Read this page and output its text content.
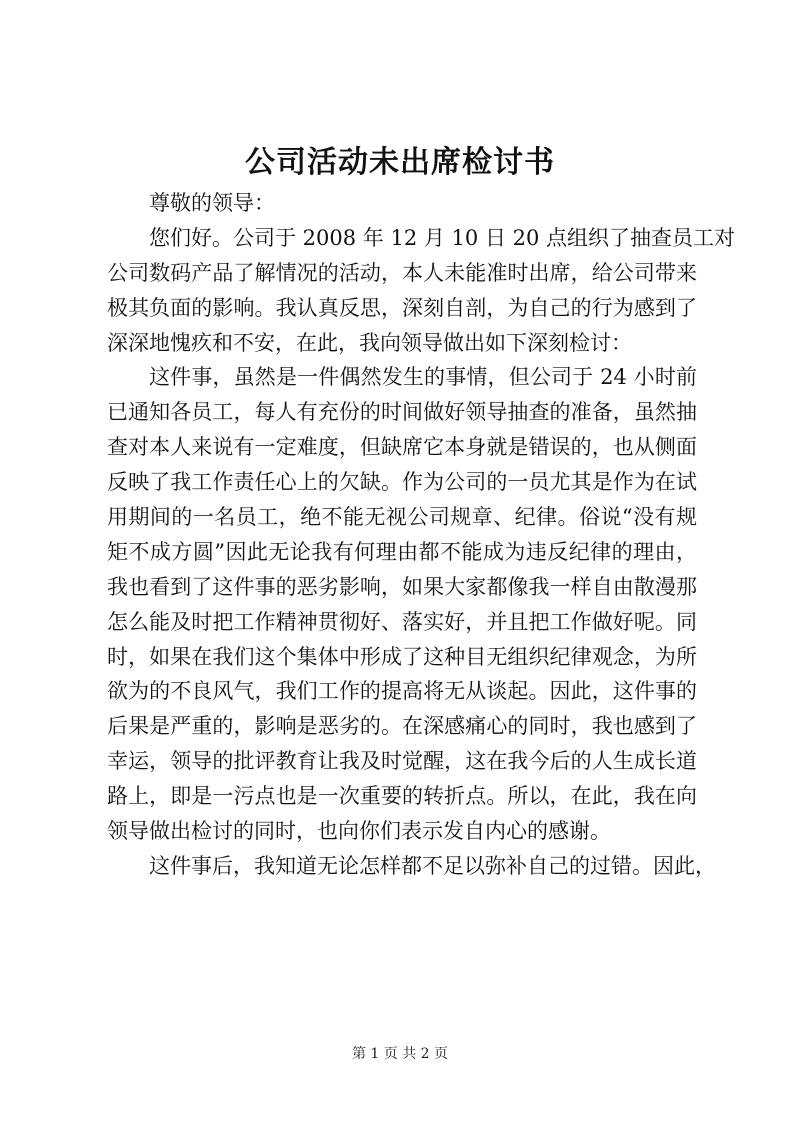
公司活动未出席检讨书
尊敬的领导：
您们好。公司于 2008 年 12 月 10 日 20 点组织了抽查员工对
公司数码产品了解情况的活动，本人未能准时出席，给公司带来
极其负面的影响。我认真反思，深刻自剖，为自己的行为感到了
深深地愧疚和不安，在此，我向领导做出如下深刻检讨：
这件事，虽然是一件偶然发生的事情，但公司于 24 小时前
已通知各员工，每人有充份的时间做好领导抽查的准备，虽然抽
查对本人来说有一定难度，但缺席它本身就是错误的，也从侧面
反映了我工作责任心上的欠缺。作为公司的一员尤其是作为在试
用期间的一名员工，绝不能无视公司规章、纪律。俗说“没有规
矩不成方圆”因此无论我有何理由都不能成为违反纪律的理由，
我也看到了这件事的恶劣影响，如果大家都像我一样自由散漫那
怎么能及时把工作精神贯彻好、落实好，并且把工作做好呢。同
时，如果在我们这个集体中形成了这种目无组织纪律观念，为所
欲为的不良风气，我们工作的提高将无从谈起。因此，这件事的
后果是严重的，影响是恶劣的。在深感痛心的同时，我也感到了
幸运，领导的批评教育让我及时觉醒，这在我今后的人生成长道
路上，即是一污点也是一次重要的转折点。所以，在此，我在向
领导做出检讨的同时，也向你们表示发自内心的感谢。
这件事后，我知道无论怎样都不足以弥补自己的过错。因此，
第 1 页 共 2 页
